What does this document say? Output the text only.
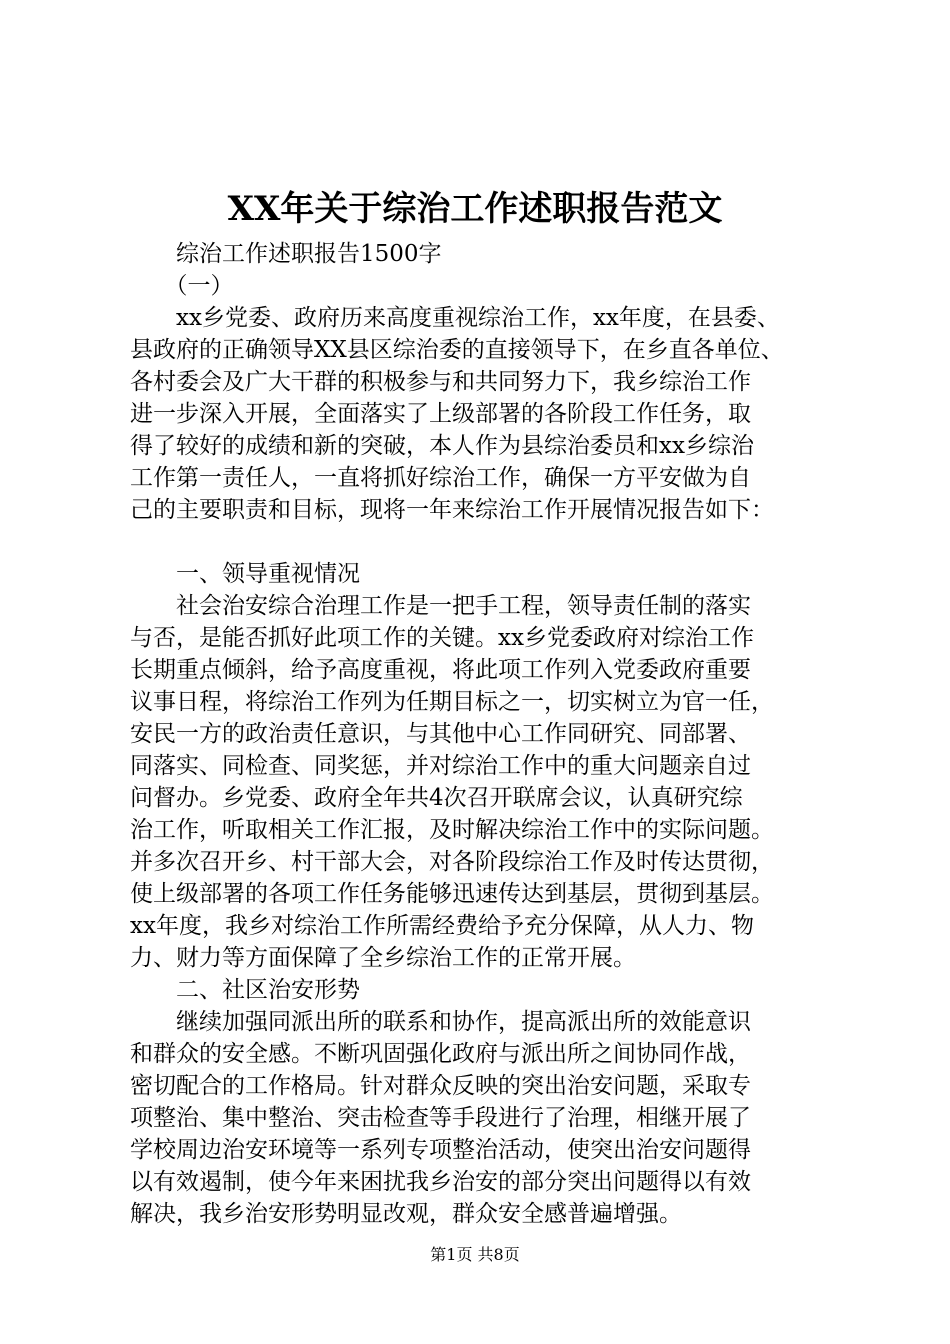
XX年关于综治工作述职报告范文
　　综治工作述职报告1500字
　　（一）
　　xx乡党委、政府历来高度重视综治工作，xx年度，在县委、
县政府的正确领导XX县区综治委的直接领导下，在乡直各单位、
各村委会及广大干群的积极参与和共同努力下，我乡综治工作
进一步深入开展，全面落实了上级部署的各阶段工作任务，取
得了较好的成绩和新的突破，本人作为县综治委员和xx乡综治
工作第一责任人，一直将抓好综治工作，确保一方平安做为自
己的主要职责和目标，现将一年来综治工作开展情况报告如下：
　　一、领导重视情况
　　社会治安综合治理工作是一把手工程，领导责任制的落实
与否，是能否抓好此项工作的关键。xx乡党委政府对综治工作
长期重点倾斜，给予高度重视，将此项工作列入党委政府重要
议事日程，将综治工作列为任期目标之一，切实树立为官一任，
安民一方的政治责任意识，与其他中心工作同研究、同部署、
同落实、同检查、同奖惩，并对综治工作中的重大问题亲自过
问督办。乡党委、政府全年共4次召开联席会议，认真研究综
治工作，听取相关工作汇报，及时解决综治工作中的实际问题。
并多次召开乡、村干部大会，对各阶段综治工作及时传达贯彻，
使上级部署的各项工作任务能够迅速传达到基层，贯彻到基层。
xx年度，我乡对综治工作所需经费给予充分保障，从人力、物
力、财力等方面保障了全乡综治工作的正常开展。
　　二、社区治安形势
　　继续加强同派出所的联系和协作，提高派出所的效能意识
和群众的安全感。不断巩固强化政府与派出所之间协同作战，
密切配合的工作格局。针对群众反映的突出治安问题，采取专
项整治、集中整治、突击检查等手段进行了治理，相继开展了
学校周边治安环境等一系列专项整治活动，使突出治安问题得
以有效遏制，使今年来困扰我乡治安的部分突出问题得以有效
解决，我乡治安形势明显改观，群众安全感普遍增强。
第1页 共8页
